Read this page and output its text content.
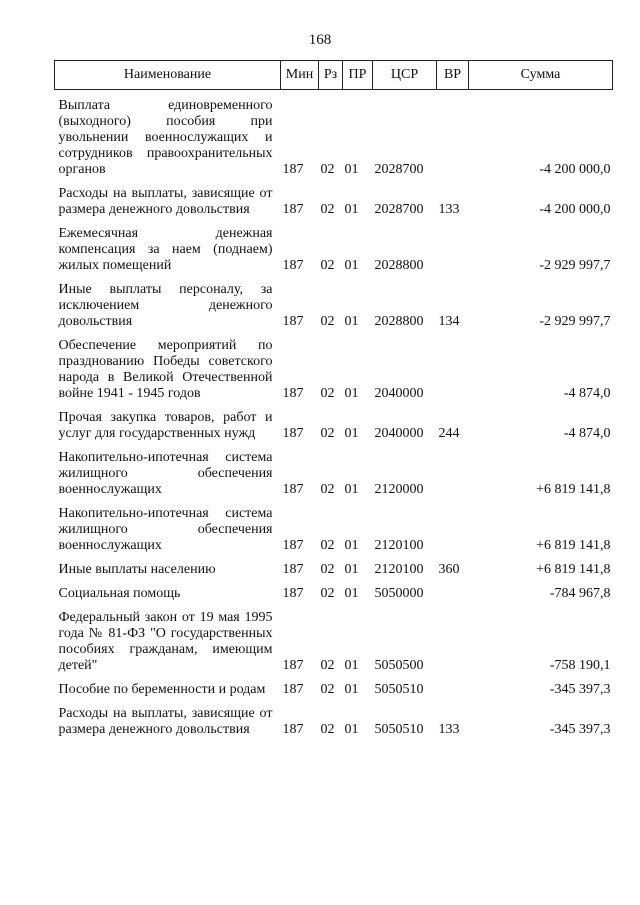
168
Наименование	Мин	Рз	ПР	ЦСР	ВР	Сумма
Выплата единовременного (выходного) пособия при увольнении военнослужащих и сотрудников правоохранительных органов	187	02	01	2028700		-4 200 000,0
Расходы на выплаты, зависящие от размера денежного довольствия	187	02	01	2028700	133	-4 200 000,0
Ежемесячная денежная компенсация за наем (поднаем) жилых помещений	187	02	01	2028800		-2 929 997,7
Иные выплаты персоналу, за исключением денежного довольствия	187	02	01	2028800	134	-2 929 997,7
Обеспечение мероприятий по празднованию Победы советского народа в Великой Отечественной войне 1941 - 1945 годов	187	02	01	2040000		-4 874,0
Прочая закупка товаров, работ и услуг для государственных нужд	187	02	01	2040000	244	-4 874,0
Накопительно-ипотечная система жилищного обеспечения военнослужащих	187	02	01	2120000		+6 819 141,8
Накопительно-ипотечная система жилищного обеспечения военнослужащих	187	02	01	2120100		+6 819 141,8
Иные выплаты населению	187	02	01	2120100	360	+6 819 141,8
Социальная помощь	187	02	01	5050000		-784 967,8
Федеральный закон от 19 мая 1995 года № 81-ФЗ "О государственных пособиях гражданам, имеющим детей"	187	02	01	5050500		-758 190,1
Пособие по беременности и родам	187	02	01	5050510		-345 397,3
Расходы на выплаты, зависящие от размера денежного довольствия	187	02	01	5050510	133	-345 397,3
